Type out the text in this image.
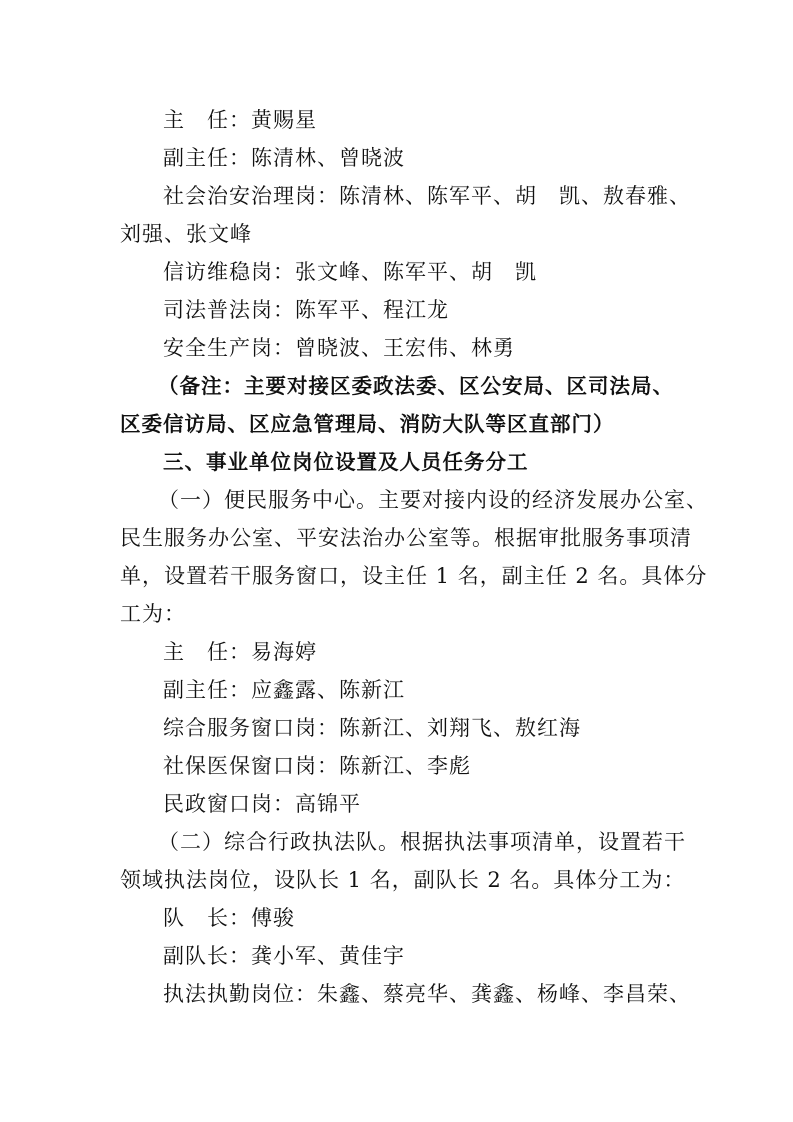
主　任：黄赐星
副主任：陈清林、曾晓波
社会治安治理岗：陈清林、陈军平、胡　凯、敖春雅、
刘强、张文峰
信访维稳岗：张文峰、陈军平、胡　凯
司法普法岗：陈军平、程江龙
安全生产岗：曾晓波、王宏伟、林勇
（备注：主要对接区委政法委、区公安局、区司法局、
区委信访局、区应急管理局、消防大队等区直部门）
三、事业单位岗位设置及人员任务分工
（一）便民服务中心。主要对接内设的经济发展办公室、
民生服务办公室、平安法治办公室等。根据审批服务事项清
单，设置若干服务窗口，设主任 1 名，副主任 2 名。具体分
工为：
主　任：易海婷
副主任：应鑫露、陈新江
综合服务窗口岗：陈新江、刘翔飞、敖红海
社保医保窗口岗：陈新江、李彪
民政窗口岗：高锦平
（二）综合行政执法队。根据执法事项清单，设置若干
领域执法岗位，设队长 1 名，副队长 2 名。具体分工为：
队　长：傅骏
副队长：龚小军、黄佳宇
执法执勤岗位：朱鑫、蔡亮华、龚鑫、杨峰、李昌荣、
